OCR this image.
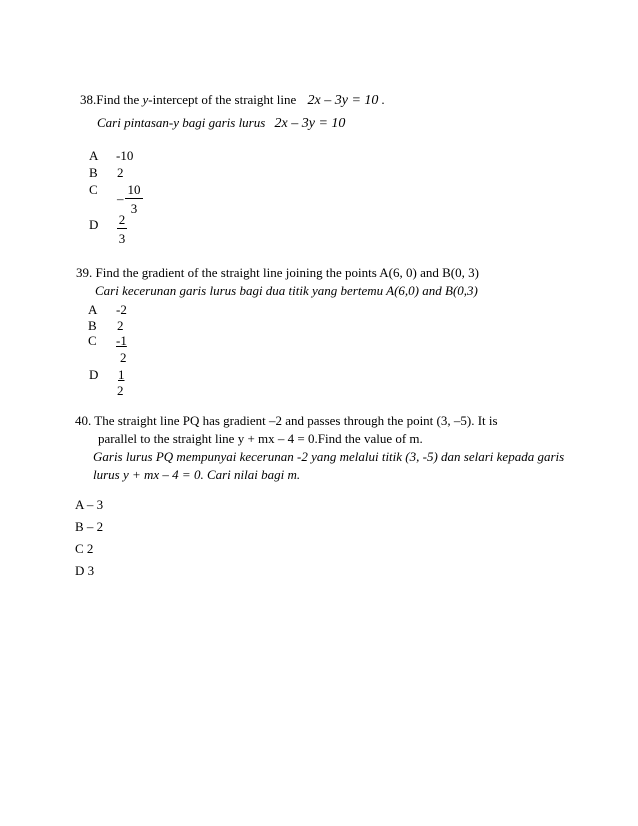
38.Find the y-intercept of the straight line 2x – 3y = 10 .
Cari pintasan-y bagi garis lurus 2x – 3y = 10
A -10
B 2
C
–
10
3
D 2
3
39. Find the gradient of the straight line joining the points A(6, 0) and B(0, 3)
Cari kecerunan garis lurus bagi dua titik yang bertemu A(6,0) and B(0,3)
A -2
B 2
C -1
2
D 1
2
40. The straight line PQ has gradient –2 and passes through the point (3, –5). It is
parallel to the straight line y + mx – 4 = 0.Find the value of m.
Garis lurus PQ mempunyai kecerunan -2 yang melalui titik (3, -5) dan selari kepada garis
lurus y + mx – 4 = 0. Cari nilai bagi m.
A – 3
B – 2
C 2
D 3
